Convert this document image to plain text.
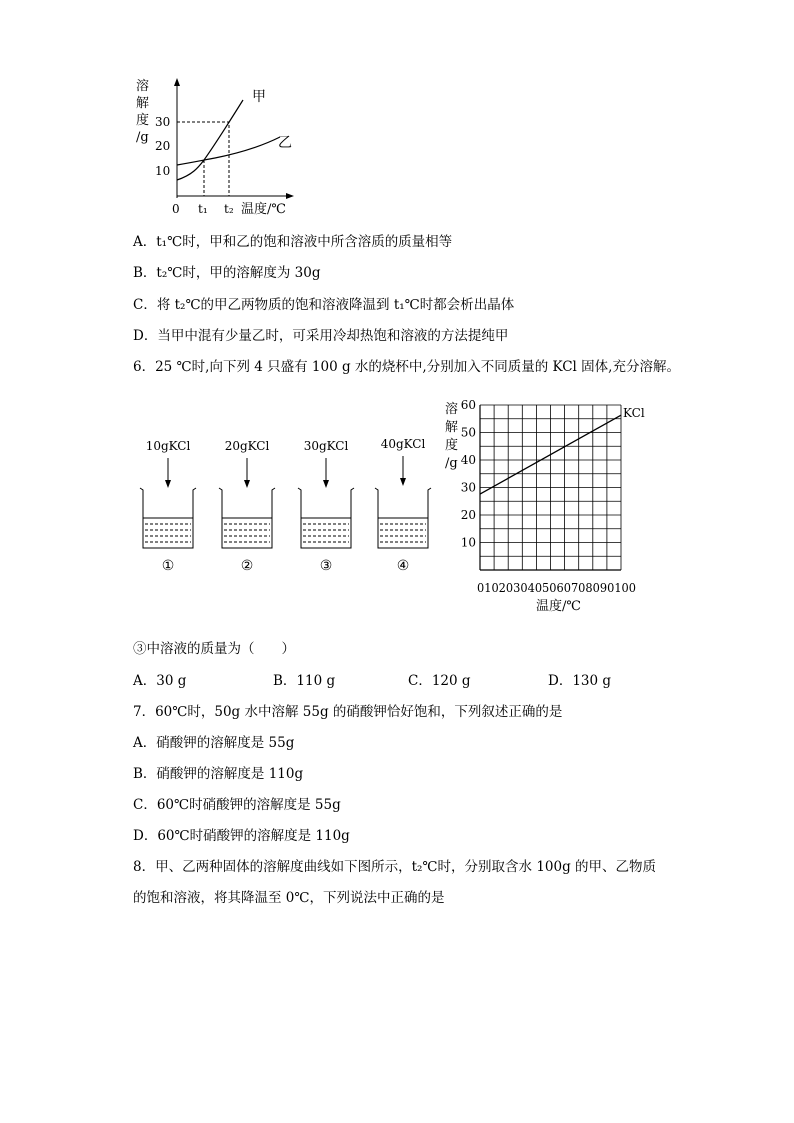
溶
解
度
/g
30
20
10
0 t₁ t₂ 温度/℃
甲
乙
A．t₁℃时，甲和乙的饱和溶液中所含溶质的质量相等
B．t₂℃时，甲的溶解度为 30g
C．将 t₂℃的甲乙两物质的饱和溶液降温到 t₁℃时都会析出晶体
D．当甲中混有少量乙时，可采用冷却热饱和溶液的方法提纯甲
6．25 ℃时,向下列 4 只盛有 100 g 水的烧杯中,分别加入不同质量的 KCl 固体,充分溶解。
10gKCl
①
20gKCl
②
30gKCl
③
40gKCl
④
60
50
40
30
20
10
0102030405060708090100
温度/℃
溶
解
度
/g
KCl
③中溶液的质量为（　　）
A．30 g	B．110 g	C．120 g	D．130 g
7．60℃时，50g 水中溶解 55g 的硝酸钾恰好饱和，下列叙述正确的是
A．硝酸钾的溶解度是 55g
B．硝酸钾的溶解度是 110g
C．60℃时硝酸钾的溶解度是 55g
D．60℃时硝酸钾的溶解度是 110g
8．甲、乙两种固体的溶解度曲线如下图所示，t₂℃时，分别取含水 100g 的甲、乙物质
的饱和溶液，将其降温至 0℃，下列说法中正确的是
